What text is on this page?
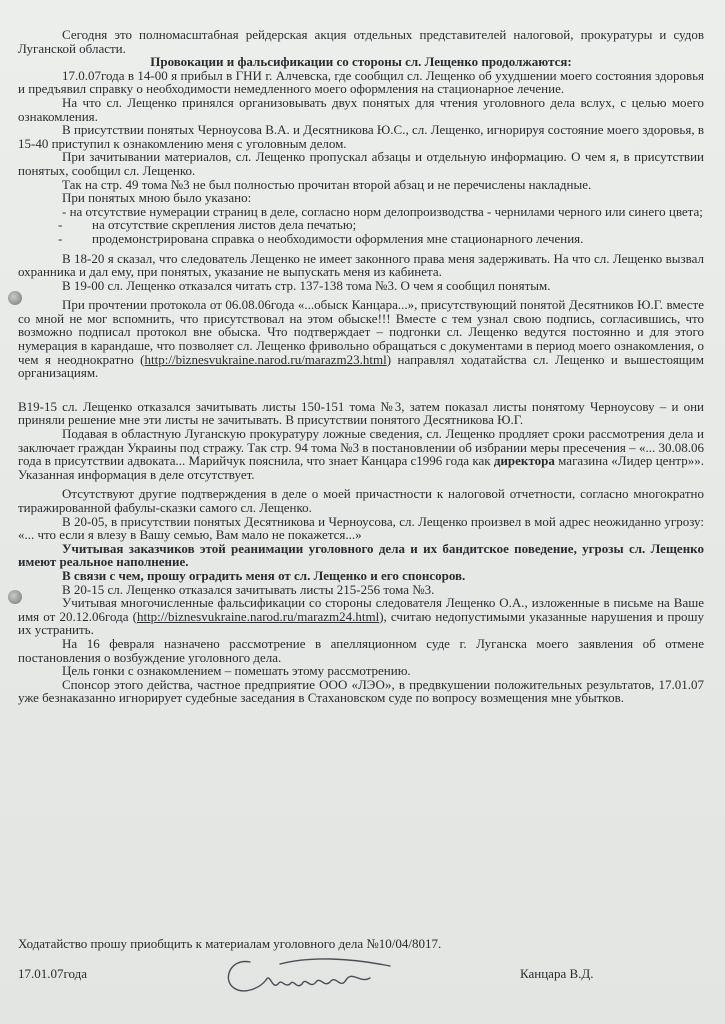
Сегодня это полномасштабная рейдерская акция отдельных представителей налоговой, прокуратуры и судов Луганской области.

Провокации и фальсификации со стороны сл. Лещенко продолжаются:

17.0.07года в 14-00 я прибыл в ГНИ г. Алчевска, где сообщил сл. Лещенко об ухудшении моего состояния здоровья и предъявил справку о необходимости немедленного моего оформления на стационарное лечение.

На что сл. Лещенко принялся организовывать двух понятых для чтения уголовного дела вслух, с целью моего ознакомления.

В присутствии понятых Черноусова В.А. и Десятникова Ю.С., сл. Лещенко, игнорируя состояние моего здоровья, в 15-40 приступил к ознакомлению меня с уголовным делом.

При зачитывании материалов, сл. Лещенко пропускал абзацы и отдельную информацию. О чем я, в присутствии понятых, сообщил сл. Лещенко.

Так на стр. 49 тома №3 не был полностью прочитан второй абзац и не перечислены накладные.

При понятых мною было указано:

- на отсутствие нумерации страниц в деле, согласно норм делопроизводства - чернилами черного или синего цвета;

- на отсутствие скрепления листов дела печатью;
- продемонстрирована справка о необходимости оформления мне стационарного лечения.

В 18-20 я сказал, что следователь Лещенко не имеет законного права меня задерживать. На что сл. Лещенко вызвал охранника и дал ему, при понятых, указание не выпускать меня из кабинета.

В 19-00 сл. Лещенко отказался читать стр. 137-138 тома №3. О чем я сообщил понятым.

При прочтении протокола от 06.08.06года «...обыск Канцара...», присутствующий понятой Десятников Ю.Г. вместе со мной не мог вспомнить, что присутствовал на этом обыске!!! Вместе с тем узнал свою подпись, согласившись, что возможно подписал протокол вне обыска. Что подтверждает – подгонки сл. Лещенко ведутся постоянно и для этого нумерация в карандаше, что позволяет сл. Лещенко фривольно обращаться с документами в период моего ознакомления, о чем я неоднократно (http://biznesvukraine.narod.ru/marazm23.html) направлял ходатайства сл. Лещенко и вышестоящим организациям.

В19-15 сл. Лещенко отказался зачитывать листы 150-151 тома №3, затем показал листы понятому Черноусову – и они приняли решение мне эти листы не зачитывать. В присутствии понятого Десятникова Ю.Г.

Подавая в областную Луганскую прокуратуру ложные сведения, сл. Лещенко продляет сроки рассмотрения дела и заключает граждан Украины под стражу. Так стр. 94 тома №3 в постановлении об избрании меры пресечения – «... 30.08.06 года в присутствии адвоката... Марийчук пояснила, что знает Канцара с1996 года как директора магазина «Лидер центр»». Указанная информация в деле отсутствует.

Отсутствуют другие подтверждения в деле о моей причастности к налоговой отчетности, согласно многократно тиражированной фабулы-сказки самого сл. Лещенко.

В 20-05, в присутствии понятых Десятникова и Черноусова, сл. Лещенко произвел в мой адрес неожиданно угрозу: «... что если я влезу в Вашу семью, Вам мало не покажется...»

Учитывая заказчиков этой реанимации уголовного дела и их бандитское поведение, угрозы сл. Лещенко имеют реальное наполнение.

В связи с чем, прошу оградить меня от сл. Лещенко и его спонсоров.

В 20-15 сл. Лещенко отказался зачитывать листы 215-256 тома №3.

Учитывая многочисленные фальсификации со стороны следователя Лещенко О.А., изложенные в письме на Ваше имя от 20.12.06года (http://biznesvukraine.narod.ru/marazm24.html), считаю недопустимыми указанные нарушения и прошу их устранить.

На 16 февраля назначено рассмотрение в апелляционном суде г. Луганска моего заявления об отмене постановления о возбуждение уголовного дела.

Цель гонки с ознакомлением – помешать этому рассмотрению.

Спонсор этого действа, частное предприятие ООО «ЛЭО», в предвкушении положительных результатов, 17.01.07 уже безнаказанно игнорирует судебные заседания в Стахановском суде по вопросу возмещения мне убытков.

Ходатайство прошу приобщить к материалам уголовного дела №10/04/8017.
17.01.07года	Канцара В.Д.
